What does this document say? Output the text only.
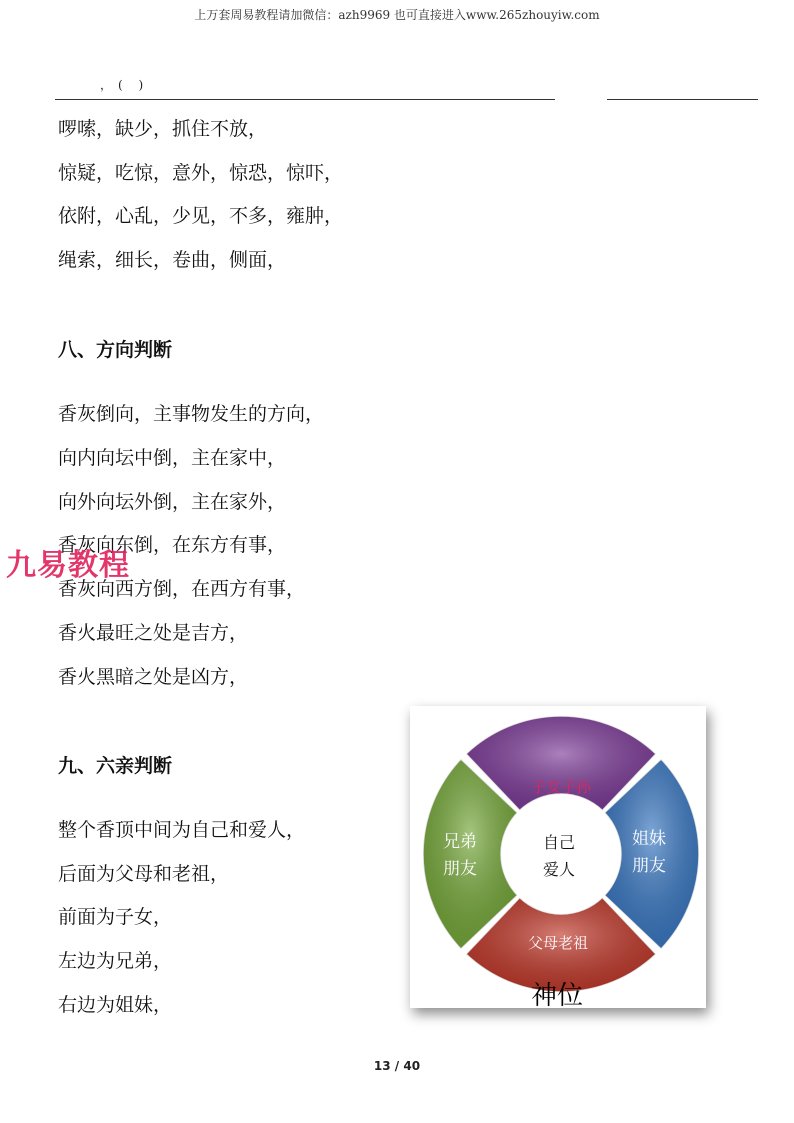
上万套周易教程请加微信：azh9969 也可直接进入www.265zhouyiw.com
，( )
啰嗦，缺少，抓住不放，
惊疑，吃惊，意外，惊恐，惊吓，
依附，心乱，少见，不多，雍肿，
绳索，细长，卷曲，侧面，
八、方向判断
香灰倒向，主事物发生的方向，
向内向坛中倒，主在家中，
向外向坛外倒，主在家外，
香灰向东倒，在东方有事，
香灰向西方倒，在西方有事，
香火最旺之处是吉方，
香火黑暗之处是凶方，
九易教程
九、六亲判断
整个香顶中间为自己和爱人，
后面为父母和老祖，
前面为子女，
左边为兄弟，
右边为姐妹，
子女子孙
姐妹
朋友
父母老祖
兄弟
朋友
自己
爱人
神位
13 / 40
